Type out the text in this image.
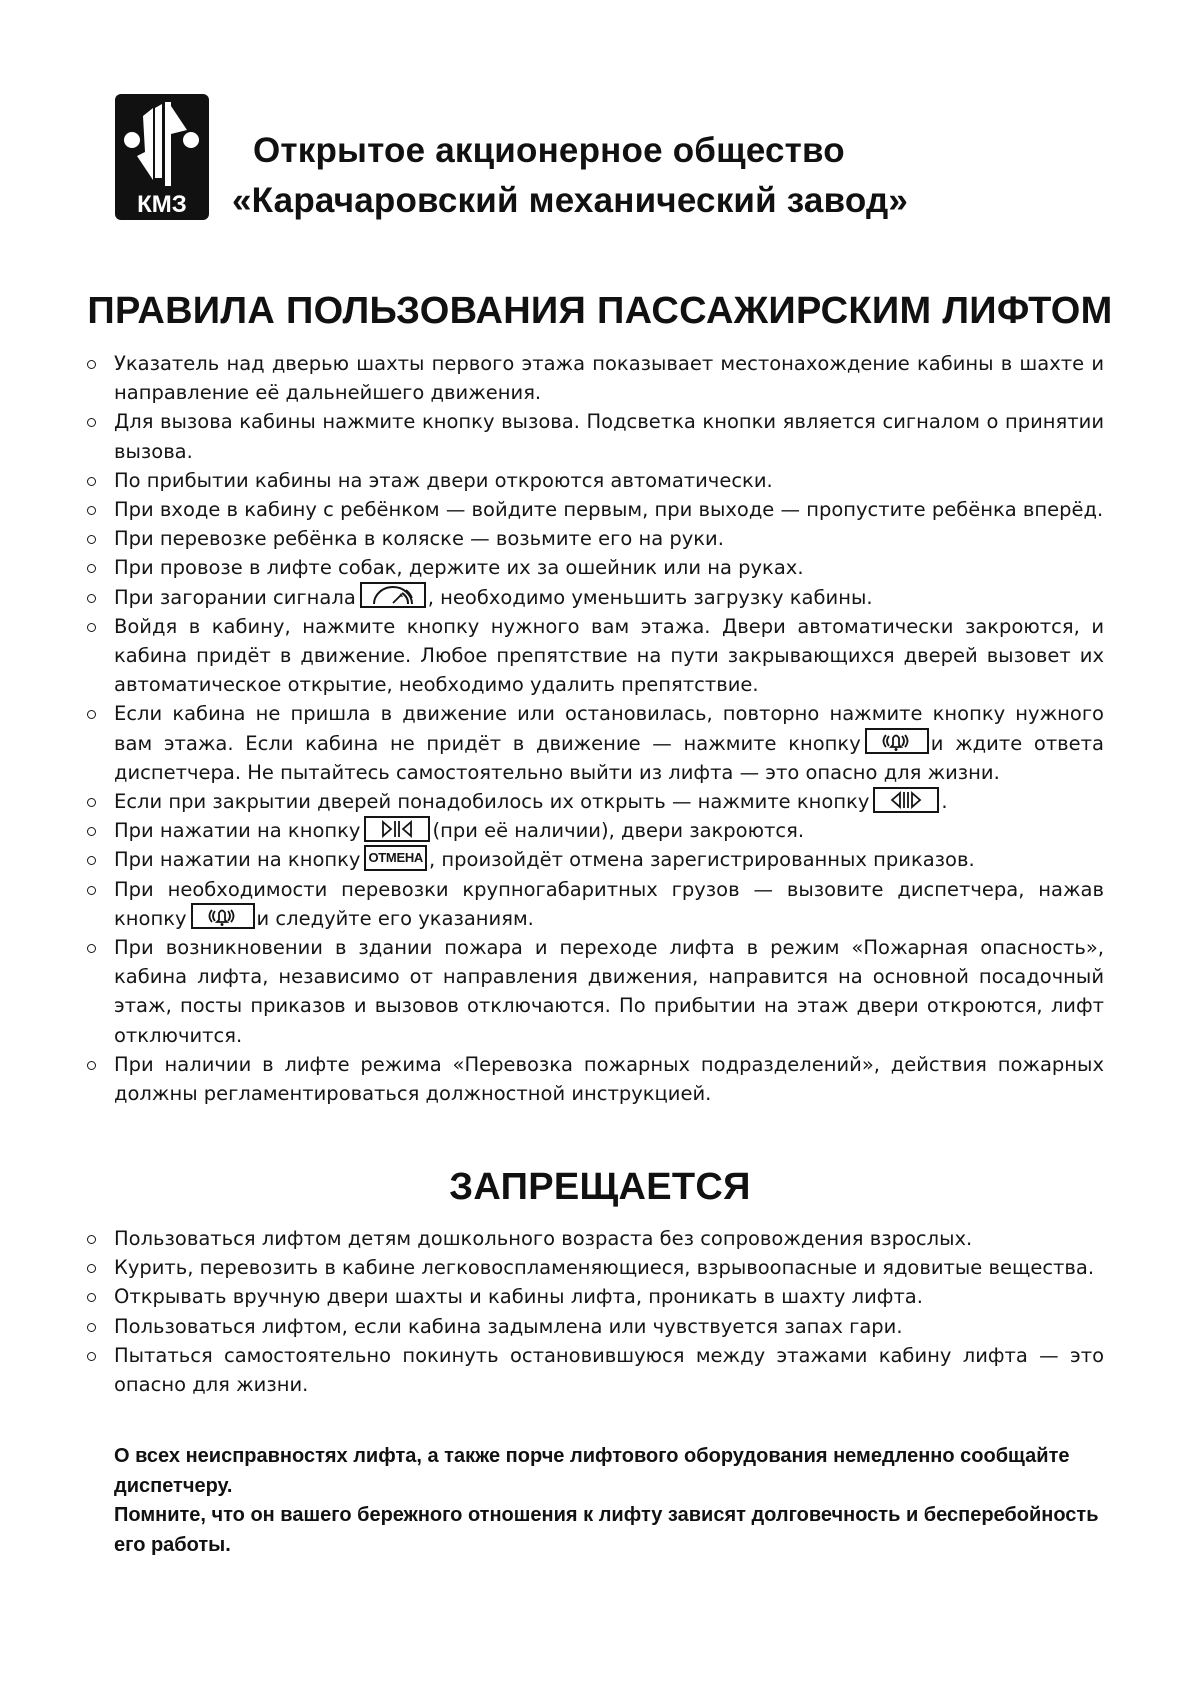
КМЗ
Открытое акционерное общество
«Карачаровский механический завод»
ПРАВИЛА ПОЛЬЗОВАНИЯ ПАССАЖИРСКИМ ЛИФТОМ
Указатель над дверью шахты первого этажа показывает местонахождение кабины в шахте и направление её дальнейшего движения.
Для вызова кабины нажмите кнопку вызова. Подсветка кнопки является сигналом о принятии вызова.
По прибытии кабины на этаж двери откроются автоматически.
При входе в кабину с ребёнком — войдите первым, при выходе — пропустите ребёнка вперёд.
При перевозке ребёнка в коляске — возьмите его на руки.
При провозе в лифте собак, держите их за ошейник или на руках.
При загорании сигнала	, необходимо уменьшить загрузку кабины.
Войдя в кабину, нажмите кнопку нужного вам этажа. Двери автоматически закроются, и кабина придёт в движение. Любое препятствие на пути закрывающихся дверей вызовет их автоматическое открытие, необходимо удалить препятствие.
Если кабина не пришла в движение или остановилась, повторно нажмите кнопку нужного вам этажа. Если кабина не придёт в движение — нажмите кнопку	и ждите ответа диспетчера. Не пытайтесь самостоятельно выйти из лифта — это опасно для жизни.
Если при закрытии дверей понадобилось их открыть — нажмите кнопку	.
При нажатии на кнопку	(при её наличии), двери закроются.
При нажатии на кнопку ОТМЕНА , произойдёт отмена зарегистрированных приказов.
При необходимости перевозки крупногабаритных грузов — вызовите диспетчера, нажав кнопку	и следуйте его указаниям.
При возникновении в здании пожара и переходе лифта в режим «Пожарная опасность», кабина лифта, независимо от направления движения, направится на основной посадочный этаж, посты приказов и вызовов отключаются. По прибытии на этаж двери откроются, лифт отключится.
При наличии в лифте режима «Перевозка пожарных подразделений», действия пожарных должны регламентироваться должностной инструкцией.
ЗАПРЕЩАЕТСЯ
Пользоваться лифтом детям дошкольного возраста без сопровождения взрослых.
Курить, перевозить в кабине легковоспламеняющиеся, взрывоопасные и ядовитые вещества.
Открывать вручную двери шахты и кабины лифта, проникать в шахту лифта.
Пользоваться лифтом, если кабина задымлена или чувствуется запах гари.
Пытаться самостоятельно покинуть остановившуюся между этажами кабину лифта — это опасно для жизни.
О всех неисправностях лифта, а также порче лифтового оборудования немедленно сообщайте диспетчеру.
Помните, что он вашего бережного отношения к лифту зависят долговечность и бесперебойность его работы.
